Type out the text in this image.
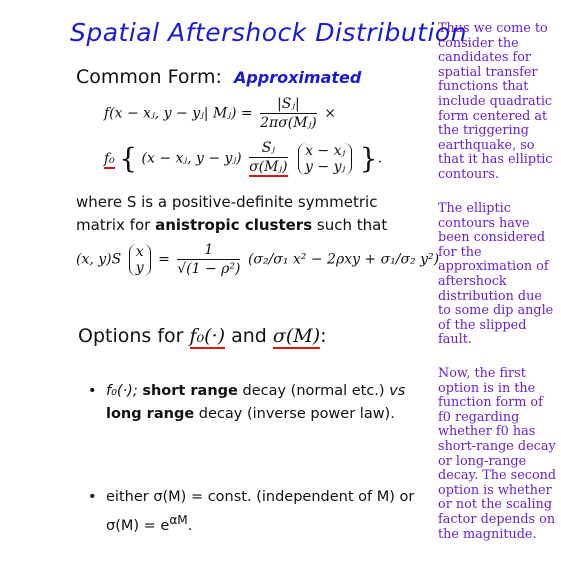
Spatial Aftershock Distribution
Common Form: Approximated
f(x − xⱼ, y − yⱼ| Mⱼ) = $\frac{\text{|Sⱼ|}}{\text{2πσ(Mⱼ)}}$ ×
f₀ { (x − xⱼ, y − yⱼ) $\frac{\text{Sⱼ}}{\text{σ(Mⱼ)}}$
x − xⱼ
y − yⱼ }.
where S is a positive-definite symmetric matrix for anistropic clusters such that
(x, y)S x
$y = \frac{1}{\text{√(1 − ρ²)}} (\sigma_2/\sigma_1$ x² − 2ρxy + σ₁/σ₂ y²)
Options for f₀(·) and σ(M):
• f₀(·); short range decay (normal etc.) vs long range decay (inverse power law).
• either σ(M) = const. (independent of M) or $\sigma(M) = e^{\alpha M}$.
Thus we come to consider the candidates for spatial transfer functions that include quadratic form centered at the triggering earthquake, so that it has elliptic contours.
The elliptic contours have been considered for the approximation of aftershock distribution due to some dip angle of the slipped fault.
Now, the first option is in the function form of f0 regarding whether f0 has short-range decay or long-range decay. The second option is whether or not the scaling factor depends on the magnitude.
